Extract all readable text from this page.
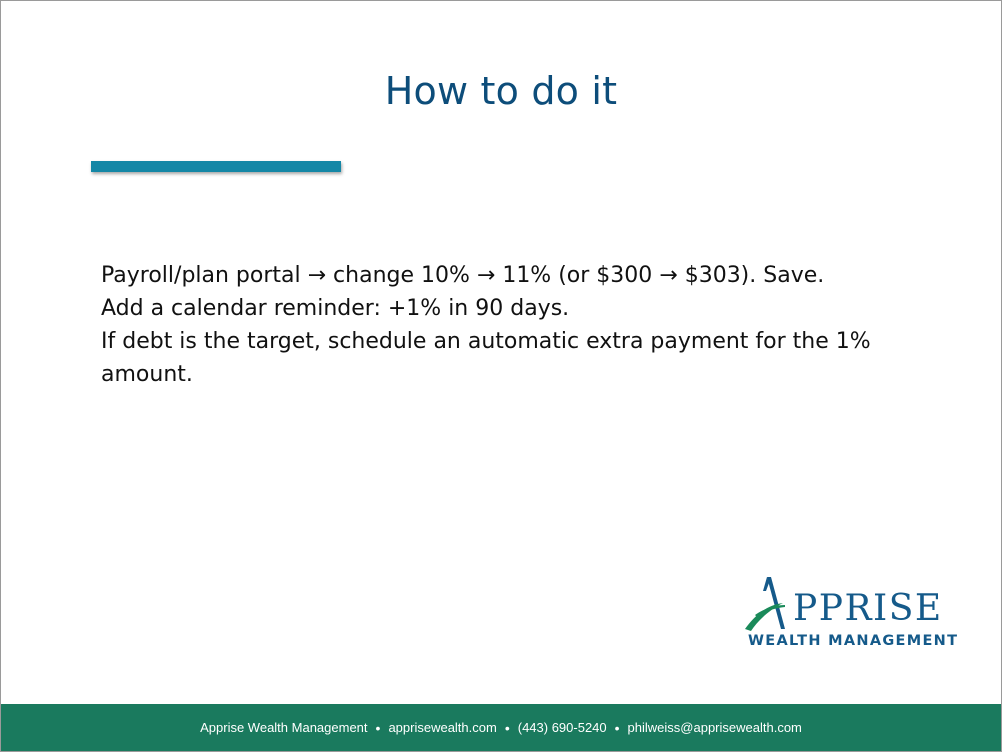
How to do it

Payroll/plan portal → change 10% → 11% (or $300 → $303). Save.

Add a calendar reminder: +1% in 90 days.

If debt is the target, schedule an automatic extra payment for the 1% amount.

PPRISE
WEALTH MANAGEMENT
Apprise Wealth Management • apprisewealth.com • (443) 690-5240 • philweiss@apprisewealth.com
